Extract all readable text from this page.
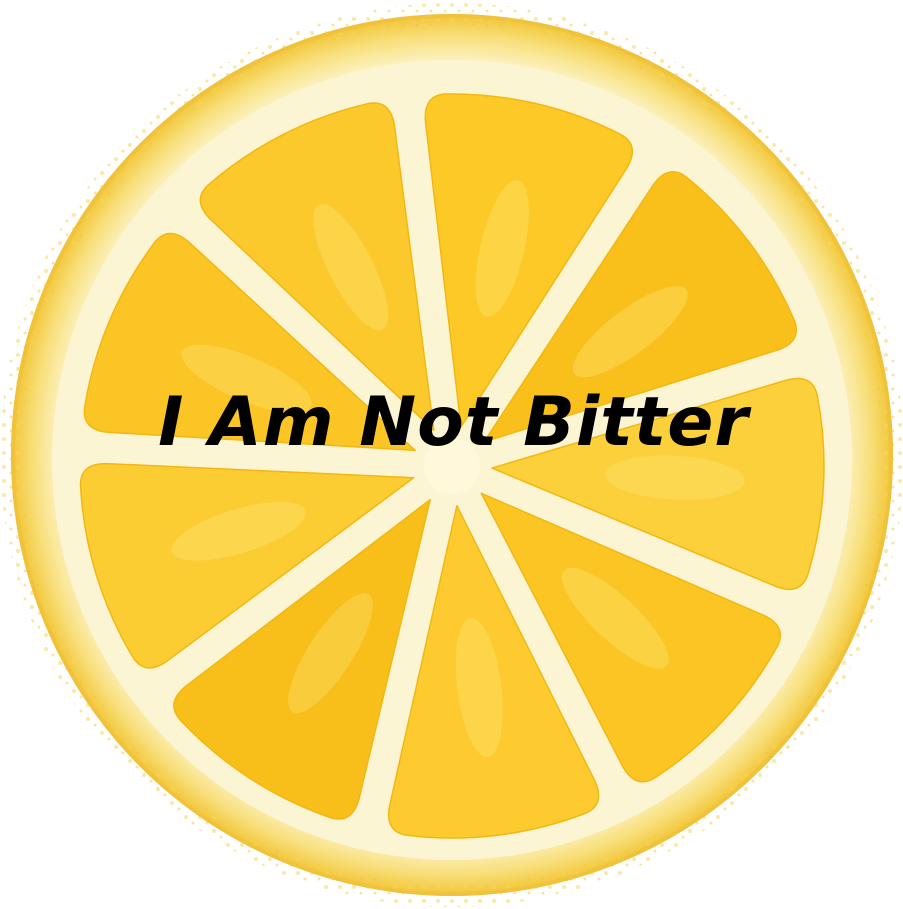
I Am Not Bitter
